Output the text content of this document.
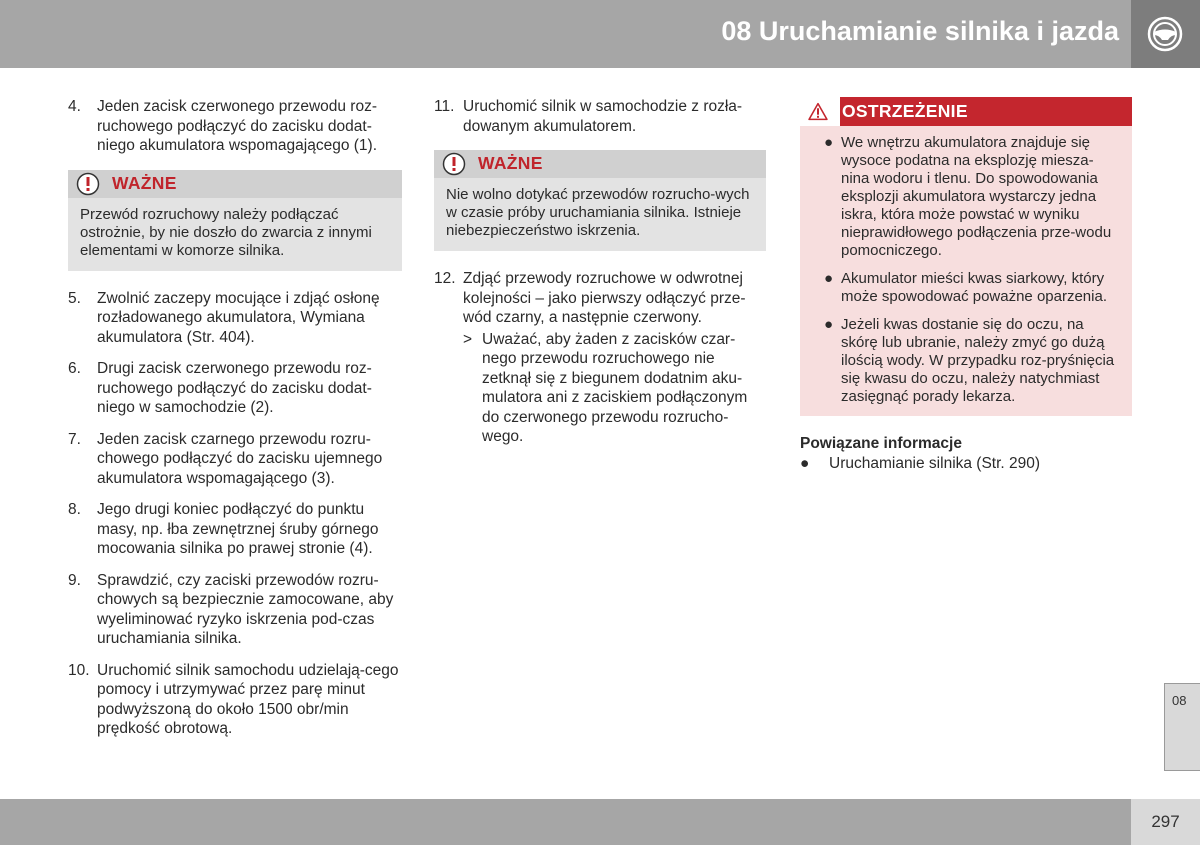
08 Uruchamianie silnika i jazda
4.	Jeden zacisk czerwonego przewodu roz-ruchowego podłączyć do zacisku dodat-niego akumulatora wspomagającego (1).
WAŻNE
Przewód rozruchowy należy podłączać ostrożnie, by nie doszło do zwarcia z innymi elementami w komorze silnika.
5.	Zwolnić zaczepy mocujące i zdjąć osłonę rozładowanego akumulatora, Wymiana akumulatora (Str. 404).
6.	Drugi zacisk czerwonego przewodu roz-ruchowego podłączyć do zacisku dodat-niego w samochodzie (2).
7.	Jeden zacisk czarnego przewodu rozru-chowego podłączyć do zacisku ujemnego akumulatora wspomagającego (3).
8.	Jego drugi koniec podłączyć do punktu masy, np. łba zewnętrznej śruby górnego mocowania silnika po prawej stronie (4).
9.	Sprawdzić, czy zaciski przewodów rozru-chowych są bezpiecznie zamocowane, aby wyeliminować ryzyko iskrzenia pod-czas uruchamiania silnika.
10. Uruchomić silnik samochodu udzielają-cego pomocy i utrzymywać przez parę minut podwyższoną do około 1500 obr/min prędkość obrotową.
11. Uruchomić silnik w samochodzie z rozła-dowanym akumulatorem.
WAŻNE
Nie wolno dotykać przewodów rozrucho-wych w czasie próby uruchamiania silnika. Istnieje niebezpieczeństwo iskrzenia.
12. Zdjąć przewody rozruchowe w odwrotnej kolejności – jako pierwszy odłączyć prze-wód czarny, a następnie czerwony.
> Uważać, aby żaden z zacisków czar-nego przewodu rozruchowego nie zetknął się z biegunem dodatnim aku-mulatora ani z zaciskiem podłączonym do czerwonego przewodu rozrucho-wego.
OSTRZEŻENIE
● We wnętrzu akumulatora znajduje się wysoce podatna na eksplozję miesza-nina wodoru i tlenu. Do spowodowania eksplozji akumulatora wystarczy jedna iskra, która może powstać w wyniku nieprawidłowego podłączenia prze-wodu pomocniczego.
● Akumulator mieści kwas siarkowy, który może spowodować poważne oparzenia.
● Jeżeli kwas dostanie się do oczu, na skórę lub ubranie, należy zmyć go dużą ilością wody. W przypadku roz-pryśnięcia się kwasu do oczu, należy natychmiast zasięgnąć porady lekarza.
Powiązane informacje
●	Uruchamianie silnika (Str. 290)
08
297
